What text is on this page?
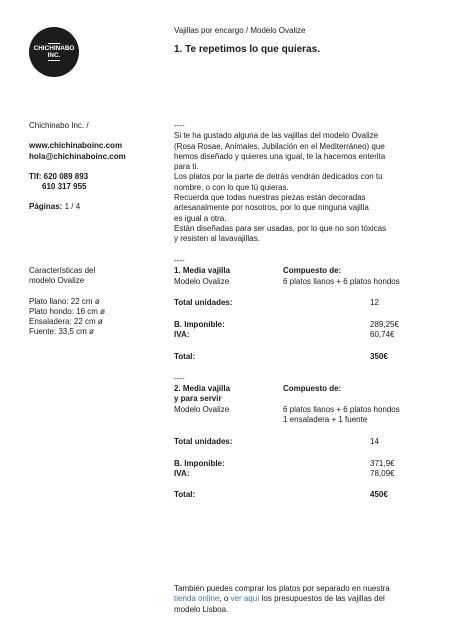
CHICHINABO
INC.
Vajillas por encargo / Modelo Ovalize
1. Te repetimos lo que quieras.
Chichinabo Inc. /
www.chichinaboinc.com
hola@chichinaboinc.com
Tlf: 620 089 893
610 317 955
Páginas: 1 / 4
Características del
modelo Ovalize
Plato llano: 22 cm ø
Plato hondo: 16 cm ø
Ensaladera: 22 cm ø
Fuente: 33,5 cm ø
----
Si te ha gustado alguna de las vajillas del modelo Ovalize
(Rosa Rosae, Animales, Jubilación en el Mediterráneo) que
hemos diseñado y quieres una igual, te la hacemos enterita
para ti.
Los platos por la parte de detrás vendrán dedicados con tu
nombre, o con lo que tú quieras.
Recuerda que todas nuestras piezas están decoradas
artesanalmente por nosotros, por lo que ninguna vajilla
es igual a otra.
Están diseñadas para ser usadas, por lo que no son tóxicas
y resisten al lavavajillas.
----
1. Media vajilla	Compuesto de:
Modelo Ovalize	6 platos llanos + 6 platos hondos
Total unidades:	12
B. Imponible:	289,25€
IVA:	60,74€
Total:	350€
----
2. Media vajilla	Compuesto de:
y para servir
Modelo Ovalize	6 platos llanos + 6 platos hondos
1 ensaladera + 1 fuente
Total unidades:	14
B. Imponible:	371,9€
IVA:	78,09€
Total:	450€
También puedes comprar los platos por separado en nuestra
tienda online, o ver aquí los presupuestos de las vajillas del
modelo Lisboa.
